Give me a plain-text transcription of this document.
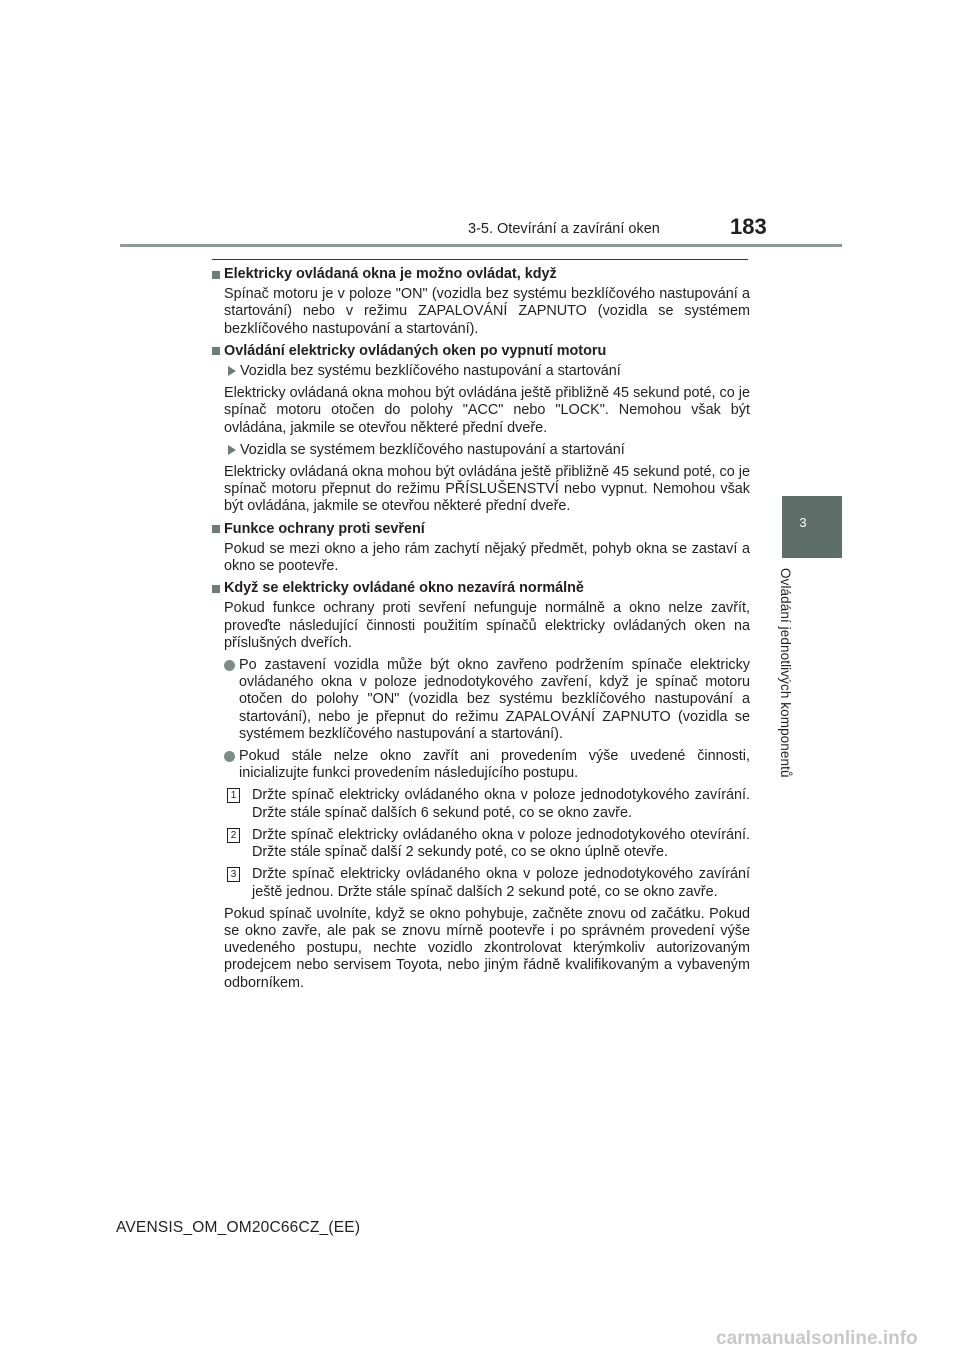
3-5. Otevírání a zavírání oken	183
3
Ovládání jednotlivých komponentů
Elektricky ovládaná okna je možno ovládat, když

Spínač motoru je v poloze "ON" (vozidla bez systému bezklíčového nastupování a startování) nebo v režimu ZAPALOVÁNÍ ZAPNUTO (vozidla se systémem bezklíčového nastupování a startování).

Ovládání elektricky ovládaných oken po vypnutí motoru
Vozidla bez systému bezklíčového nastupování a startování

Elektricky ovládaná okna mohou být ovládána ještě přibližně 45 sekund poté, co je spínač motoru otočen do polohy "ACC" nebo "LOCK". Nemohou však být ovládána, jakmile se otevřou některé přední dveře.

Vozidla se systémem bezklíčového nastupování a startování

Elektricky ovládaná okna mohou být ovládána ještě přibližně 45 sekund poté, co je spínač motoru přepnut do režimu PŘÍSLUŠENSTVÍ nebo vypnut. Nemohou však být ovládána, jakmile se otevřou některé přední dveře.

Funkce ochrany proti sevření

Pokud se mezi okno a jeho rám zachytí nějaký předmět, pohyb okna se zastaví a okno se pootevře.

Když se elektricky ovládané okno nezavírá normálně

Pokud funkce ochrany proti sevření nefunguje normálně a okno nelze zavřít, proveďte následující činnosti použitím spínačů elektricky ovládaných oken na příslušných dveřích.

Po zastavení vozidla může být okno zavřeno podržením spínače elektricky ovládaného okna v poloze jednodotykového zavření, když je spínač motoru otočen do polohy "ON" (vozidla bez systému bezklíčového nastupování a startování), nebo je přepnut do režimu ZAPALOVÁNÍ ZAPNUTO (vozidla se systémem bezklíčového nastupování a startování).
Pokud stále nelze okno zavřít ani provedením výše uvedené činnosti, inicializujte funkci provedením následujícího postupu.
1 Držte spínač elektricky ovládaného okna v poloze jednodotykového zavírání. Držte stále spínač dalších 6 sekund poté, co se okno zavře.
2 Držte spínač elektricky ovládaného okna v poloze jednodotykového otevírání. Držte stále spínač další 2 sekundy poté, co se okno úplně otevře.
3 Držte spínač elektricky ovládaného okna v poloze jednodotykového zavírání ještě jednou. Držte stále spínač dalších 2 sekund poté, co se okno zavře.

Pokud spínač uvolníte, když se okno pohybuje, začněte znovu od začátku. Pokud se okno zavře, ale pak se znovu mírně pootevře i po správném provedení výše uvedeného postupu, nechte vozidlo zkontrolovat kterýmkoliv autorizovaným prodejcem nebo servisem Toyota, nebo jiným řádně kvalifikovaným a vybaveným odborníkem.

AVENSIS_OM_OM20C66CZ_(EE)
carmanualsonline.info
